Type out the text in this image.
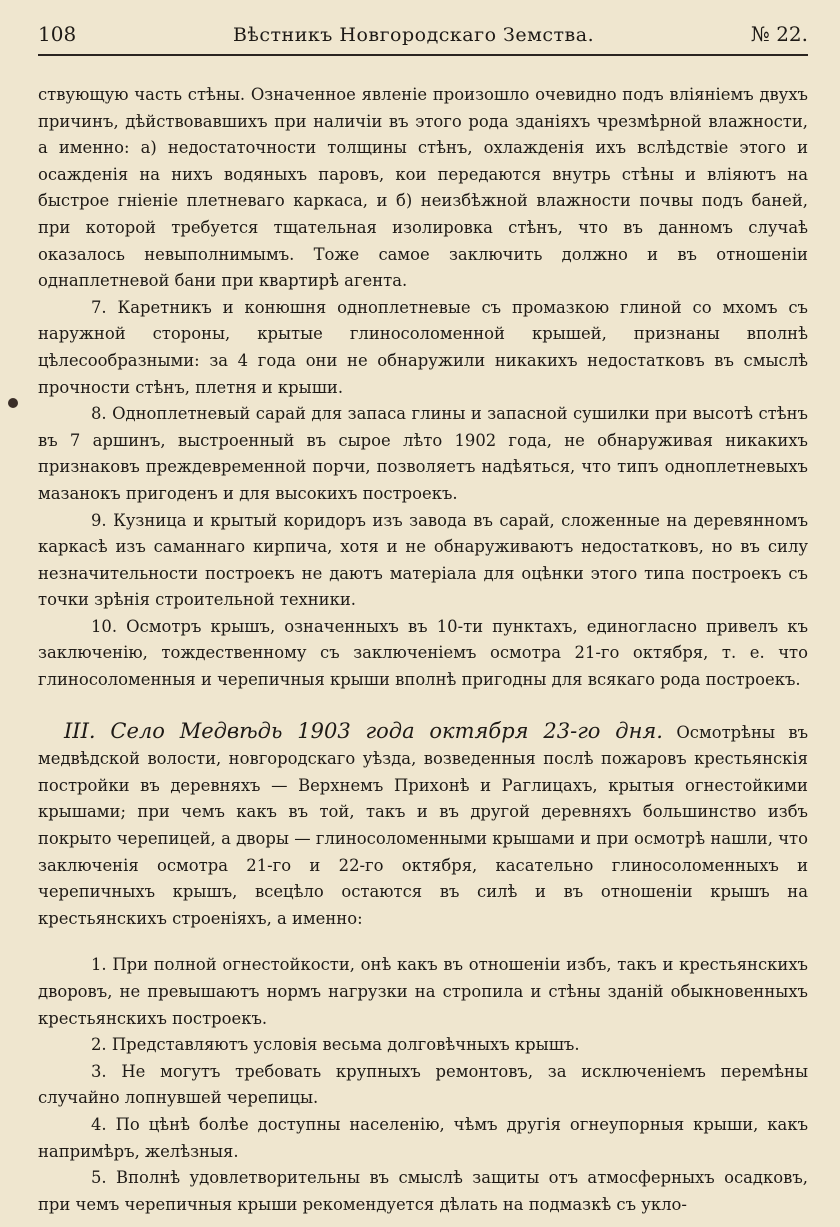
108	Вѣстникъ Новгородскаго Земства.	№ 22.

ствующую часть стѣны. Означенное явленіе произошло очевидно подъ вліяніемъ двухъ причинъ, дѣйствовавшихъ при наличіи въ этого рода зданіяхъ чрезмѣрной влажности, а именно: а) недостаточности толщины стѣнъ, охлажденія ихъ вслѣдствіе этого и осажденія на нихъ водяныхъ паровъ, кои передаются внутрь стѣны и вліяютъ на быстрое гніеніе плетневаго каркаса, и б) неизбѣжной влажности почвы подъ баней, при которой требуется тщательная изолировка стѣнъ, что въ данномъ случаѣ оказалось невыполнимымъ. Тоже самое заключить должно и въ отношеніи однаплетневой бани при квартирѣ агента.

7. Каретникъ и конюшня одноплетневые съ промазкою глиной со мхомъ съ наружной стороны, крытые глиносоломенной крышей, признаны вполнѣ цѣлесообразными: за 4 года они не обнаружили никакихъ недостатковъ въ смыслѣ прочности стѣнъ, плетня и крыши.

8. Одноплетневый сарай для запаса глины и запасной сушилки при высотѣ стѣнъ въ 7 аршинъ, выстроенный въ сырое лѣто 1902 года, не обнаруживая никакихъ признаковъ преждевременной порчи, позволяетъ надѣяться, что типъ одноплетневыхъ мазанокъ пригоденъ и для высокихъ построекъ.

9. Кузница и крытый коридоръ изъ завода въ сарай, сложенные на деревянномъ каркасѣ изъ саманнаго кирпича, хотя и не обнаруживаютъ недостатковъ, но въ силу незначительности построекъ не даютъ матеріала для оцѣнки этого типа построекъ съ точки зрѣнія строительной техники.

10. Осмотръ крышъ, означенныхъ въ 10-ти пунктахъ, единогласно привелъ къ заключенію, тождественному съ заключеніемъ осмотра 21-го октября, т. е. что глиносоломенныя и черепичныя крыши вполнѣ пригодны для всякаго рода построекъ.

III. Село Медвѣдь 1903 года октября 23-го дня. Осмотрѣны въ медвѣдской волости, новгородскаго уѣзда, возведенныя послѣ пожаровъ крестьянскія постройки въ деревняхъ — Верхнемъ Прихонѣ и Раглицахъ, крытыя огнестойкими крышами; при чемъ какъ въ той, такъ и въ другой деревняхъ большинство избъ покрыто черепицей, а дворы — глиносоломенными крышами и при осмотрѣ нашли, что заключенія осмотра 21-го и 22-го октября, касательно глиносоломенныхъ и черепичныхъ крышъ, всецѣло остаются въ силѣ и въ отношеніи крышъ на крестьянскихъ строеніяхъ, а именно:

1. При полной огнестойкости, онѣ какъ въ отношеніи избъ, такъ и крестьянскихъ дворовъ, не превышаютъ нормъ нагрузки на стропила и стѣны зданій обыкновенныхъ крестьянскихъ построекъ.

2. Представляютъ условія весьма долговѣчныхъ крышъ.

3. Не могутъ требовать крупныхъ ремонтовъ, за исключеніемъ перемѣны случайно лопнувшей черепицы.

4. По цѣнѣ болѣе доступны населенію, чѣмъ другія огнеупорныя крыши, какъ напримѣръ, желѣзныя.

5. Вполнѣ удовлетворительны въ смыслѣ защиты отъ атмосферныхъ осадковъ, при чемъ черепичныя крыши рекомендуется дѣлать на подмазкѣ съ укло-
